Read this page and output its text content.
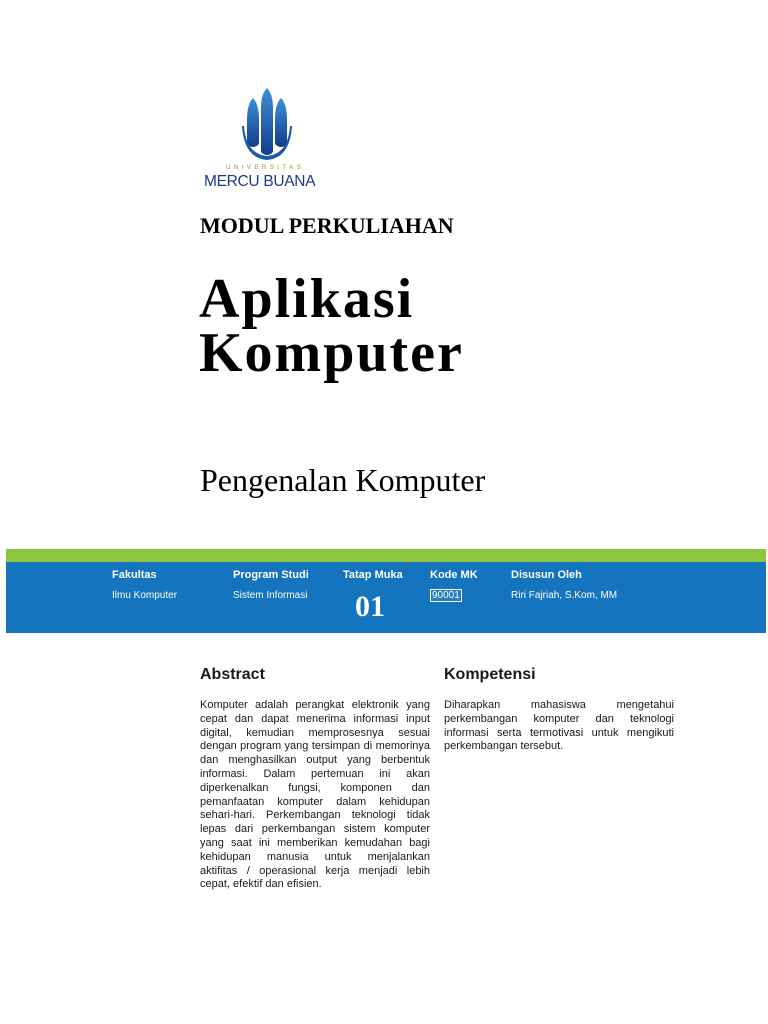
UNIVERSITAS
MERCU BUANA
MODUL PERKULIAHAN
Aplikasi
Komputer
Pengenalan Komputer
Fakultas
Ilmu Komputer
Program Studi
Sistem Informasi
Tatap Muka
01
Kode MK
90001
Disusun Oleh
Riri Fajriah, S.Kom, MM
Abstract

Komputer adalah perangkat elektronik yang cepat dan dapat menerima informasi input digital, kemudian memprosesnya sesuai dengan program yang tersimpan di memorinya dan menghasilkan output yang berbentuk informasi. Dalam pertemuan ini akan diperkenalkan fungsi, komponen dan pemanfaatan komputer dalam kehidupan sehari-hari. Perkembangan teknologi tidak lepas dari perkembangan sistem komputer yang saat ini memberikan kemudahan bagi kehidupan manusia untuk menjalankan aktifitas / operasional kerja menjadi lebih cepat, efektif dan efisien.

Kompetensi

Diharapkan mahasiswa mengetahui perkembangan komputer dan teknologi informasi serta termotivasi untuk mengikuti perkembangan tersebut.
